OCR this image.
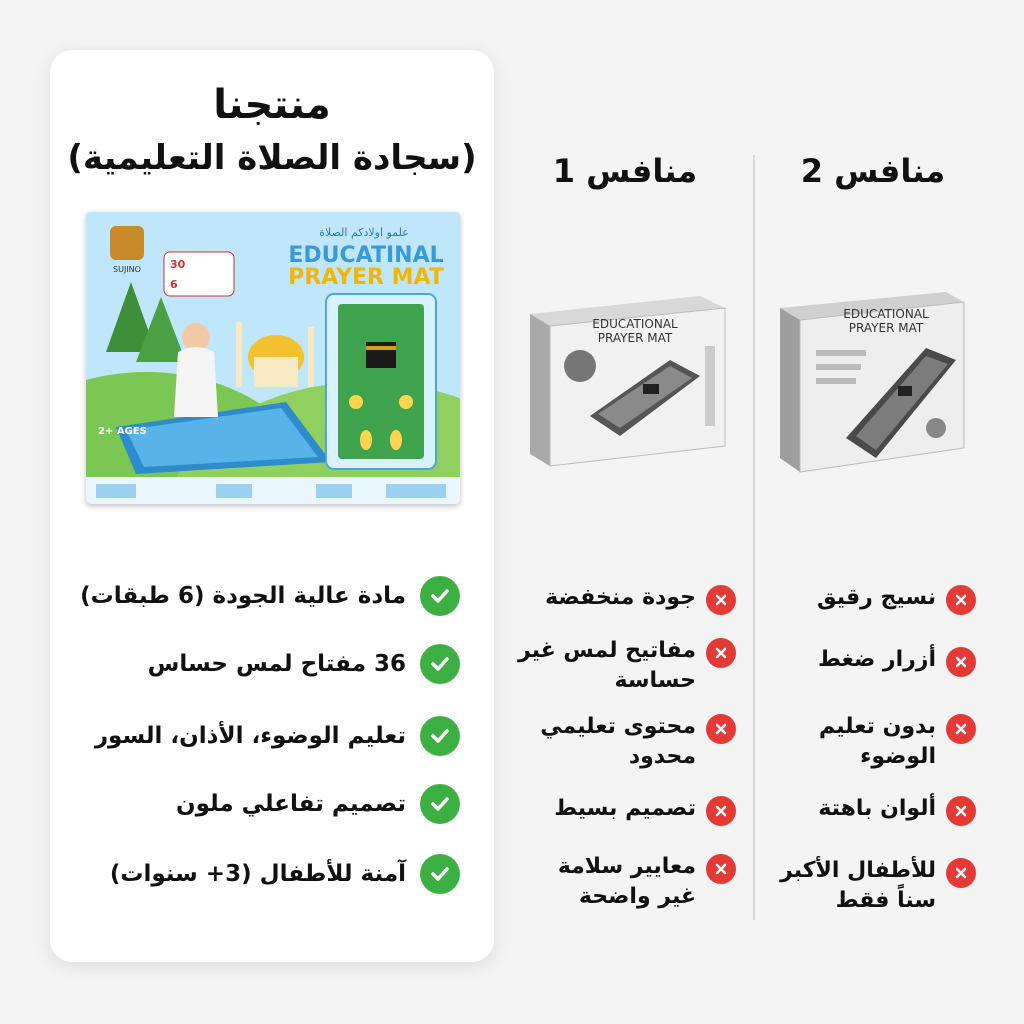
منتجنا
(سجادة الصلاة التعليمية)
علمو اولادكم الصلاة
EDUCATINAL
PRAYER MAT
SUJINO	30
6
2+ AGES
مادة عالية الجودة (6 طبقات)
36 مفتاح لمس حساس
تعليم الوضوء، الأذان، السور
تصميم تفاعلي ملون
آمنة للأطفال (3+ سنوات)
منافس 1	منافس 2
EDUCATIONAL
PRAYER MAT
EDUCATIONAL
PRAYER MAT
جودة منخفضة
مفاتيح لمس غير
حساسة
محتوى تعليمي
محدود
تصميم بسيط
معايير سلامة
غير واضحة
نسيج رقيق
أزرار ضغط
بدون تعليم
الوضوء
ألوان باهتة
للأطفال الأكبر
سناً فقط
